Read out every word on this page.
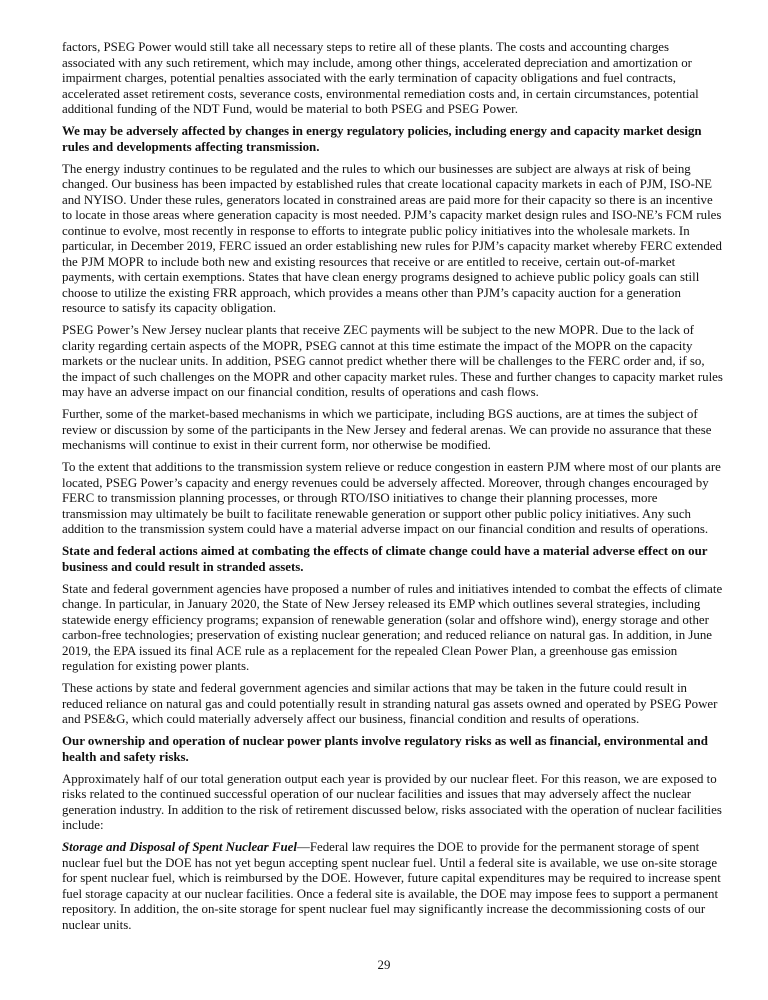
factors, PSEG Power would still take all necessary steps to retire all of these plants. The costs and accounting charges
associated with any such retirement, which may include, among other things, accelerated depreciation and amortization or
impairment charges, potential penalties associated with the early termination of capacity obligations and fuel contracts,
accelerated asset retirement costs, severance costs, environmental remediation costs and, in certain circumstances, potential
additional funding of the NDT Fund, would be material to both PSEG and PSEG Power.

We may be adversely affected by changes in energy regulatory policies, including energy and capacity market design
rules and developments affecting transmission.

The energy industry continues to be regulated and the rules to which our businesses are subject are always at risk of being
changed. Our business has been impacted by established rules that create locational capacity markets in each of PJM, ISO-NE
and NYISO. Under these rules, generators located in constrained areas are paid more for their capacity so there is an incentive
to locate in those areas where generation capacity is most needed. PJM’s capacity market design rules and ISO-NE’s FCM rules
continue to evolve, most recently in response to efforts to integrate public policy initiatives into the wholesale markets. In
particular, in December 2019, FERC issued an order establishing new rules for PJM’s capacity market whereby FERC extended
the PJM MOPR to include both new and existing resources that receive or are entitled to receive, certain out-of-market
payments, with certain exemptions. States that have clean energy programs designed to achieve public policy goals can still
choose to utilize the existing FRR approach, which provides a means other than PJM’s capacity auction for a generation
resource to satisfy its capacity obligation.

PSEG Power’s New Jersey nuclear plants that receive ZEC payments will be subject to the new MOPR. Due to the lack of
clarity regarding certain aspects of the MOPR, PSEG cannot at this time estimate the impact of the MOPR on the capacity
markets or the nuclear units. In addition, PSEG cannot predict whether there will be challenges to the FERC order and, if so,
the impact of such challenges on the MOPR and other capacity market rules. These and further changes to capacity market rules
may have an adverse impact on our financial condition, results of operations and cash flows.

Further, some of the market-based mechanisms in which we participate, including BGS auctions, are at times the subject of
review or discussion by some of the participants in the New Jersey and federal arenas. We can provide no assurance that these
mechanisms will continue to exist in their current form, nor otherwise be modified.

To the extent that additions to the transmission system relieve or reduce congestion in eastern PJM where most of our plants are
located, PSEG Power’s capacity and energy revenues could be adversely affected. Moreover, through changes encouraged by
FERC to transmission planning processes, or through RTO/ISO initiatives to change their planning processes, more
transmission may ultimately be built to facilitate renewable generation or support other public policy initiatives. Any such
addition to the transmission system could have a material adverse impact on our financial condition and results of operations.

State and federal actions aimed at combating the effects of climate change could have a material adverse effect on our
business and could result in stranded assets.

State and federal government agencies have proposed a number of rules and initiatives intended to combat the effects of climate
change. In particular, in January 2020, the State of New Jersey released its EMP which outlines several strategies, including
statewide energy efficiency programs; expansion of renewable generation (solar and offshore wind), energy storage and other
carbon-free technologies; preservation of existing nuclear generation; and reduced reliance on natural gas. In addition, in June
2019, the EPA issued its final ACE rule as a replacement for the repealed Clean Power Plan, a greenhouse gas emission
regulation for existing power plants.

These actions by state and federal government agencies and similar actions that may be taken in the future could result in
reduced reliance on natural gas and could potentially result in stranding natural gas assets owned and operated by PSEG Power
and PSE&G, which could materially adversely affect our business, financial condition and results of operations.

Our ownership and operation of nuclear power plants involve regulatory risks as well as financial, environmental and
health and safety risks.

Approximately half of our total generation output each year is provided by our nuclear fleet. For this reason, we are exposed to
risks related to the continued successful operation of our nuclear facilities and issues that may adversely affect the nuclear
generation industry. In addition to the risk of retirement discussed below, risks associated with the operation of nuclear facilities
include:

Storage and Disposal of Spent Nuclear Fuel—Federal law requires the DOE to provide for the permanent storage of spent
nuclear fuel but the DOE has not yet begun accepting spent nuclear fuel. Until a federal site is available, we use on-site storage
for spent nuclear fuel, which is reimbursed by the DOE. However, future capital expenditures may be required to increase spent
fuel storage capacity at our nuclear facilities. Once a federal site is available, the DOE may impose fees to support a permanent
repository. In addition, the on-site storage for spent nuclear fuel may significantly increase the decommissioning costs of our
nuclear units.

29
